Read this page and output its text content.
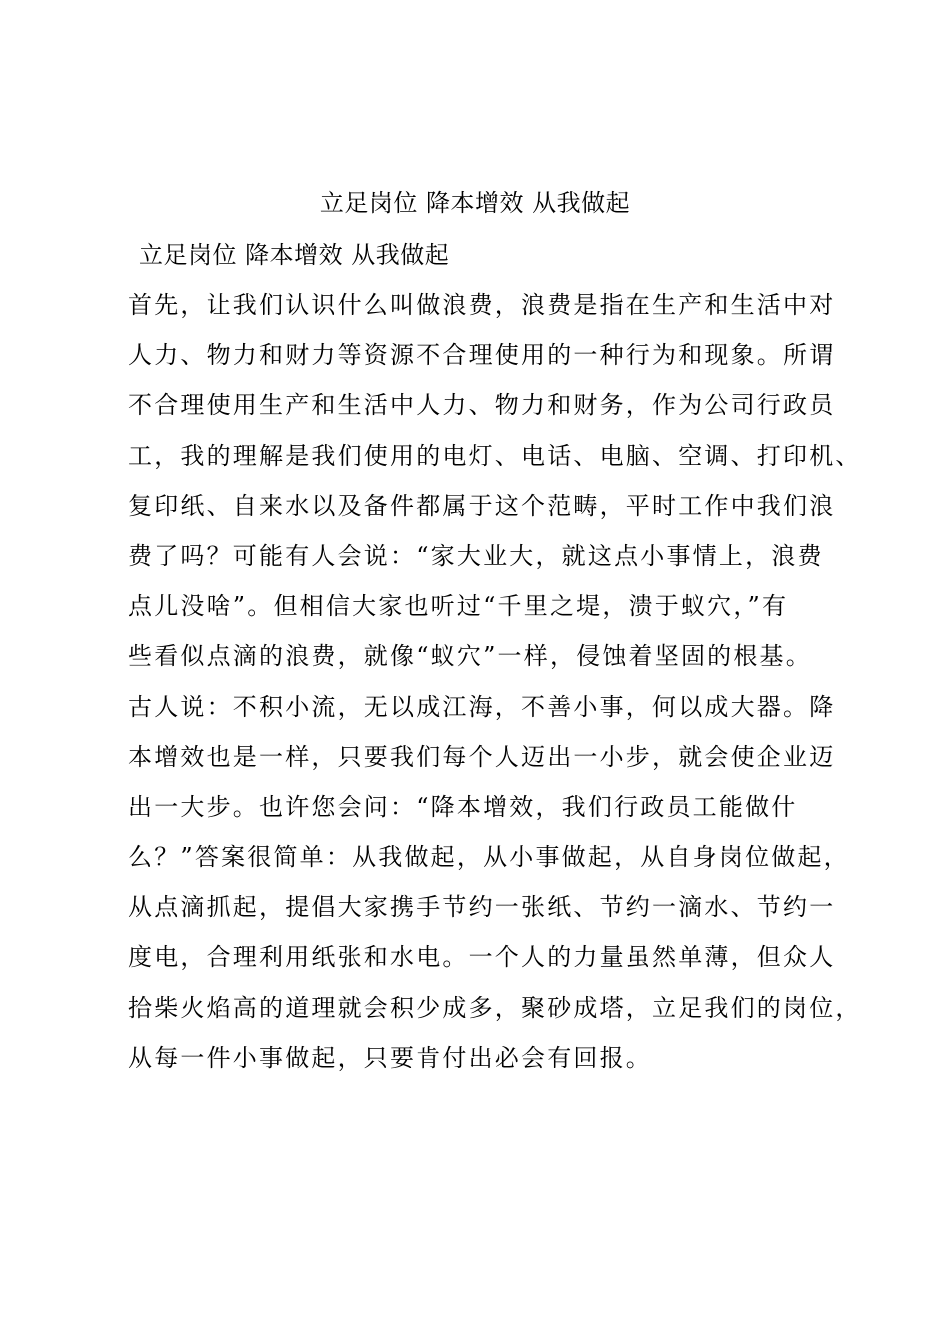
立足岗位 降本增效 从我做起
立足岗位 降本增效 从我做起
首先，让我们认识什么叫做浪费，浪费是指在生产和生活中对
人力、物力和财力等资源不合理使用的一种行为和现象。所谓
不合理使用生产和生活中人力、物力和财务，作为公司行政员
工，我的理解是我们使用的电灯、电话、电脑、空调、打印机、
复印纸、自来水以及备件都属于这个范畴，平时工作中我们浪
费了吗？可能有人会说：“家大业大，就这点小事情上，浪费
点儿没啥”。但相信大家也听过“千里之堤，溃于蚁穴，”有
些看似点滴的浪费，就像“蚁穴”一样，侵蚀着坚固的根基。
古人说：不积小流，无以成江海，不善小事，何以成大器。降
本增效也是一样，只要我们每个人迈出一小步，就会使企业迈
出一大步。也许您会问：“降本增效，我们行政员工能做什
么？”答案很简单：从我做起，从小事做起，从自身岗位做起，
从点滴抓起，提倡大家携手节约一张纸、节约一滴水、节约一
度电，合理利用纸张和水电。一个人的力量虽然单薄，但众人
拾柴火焰高的道理就会积少成多，聚砂成塔，立足我们的岗位，
从每一件小事做起，只要肯付出必会有回报。
